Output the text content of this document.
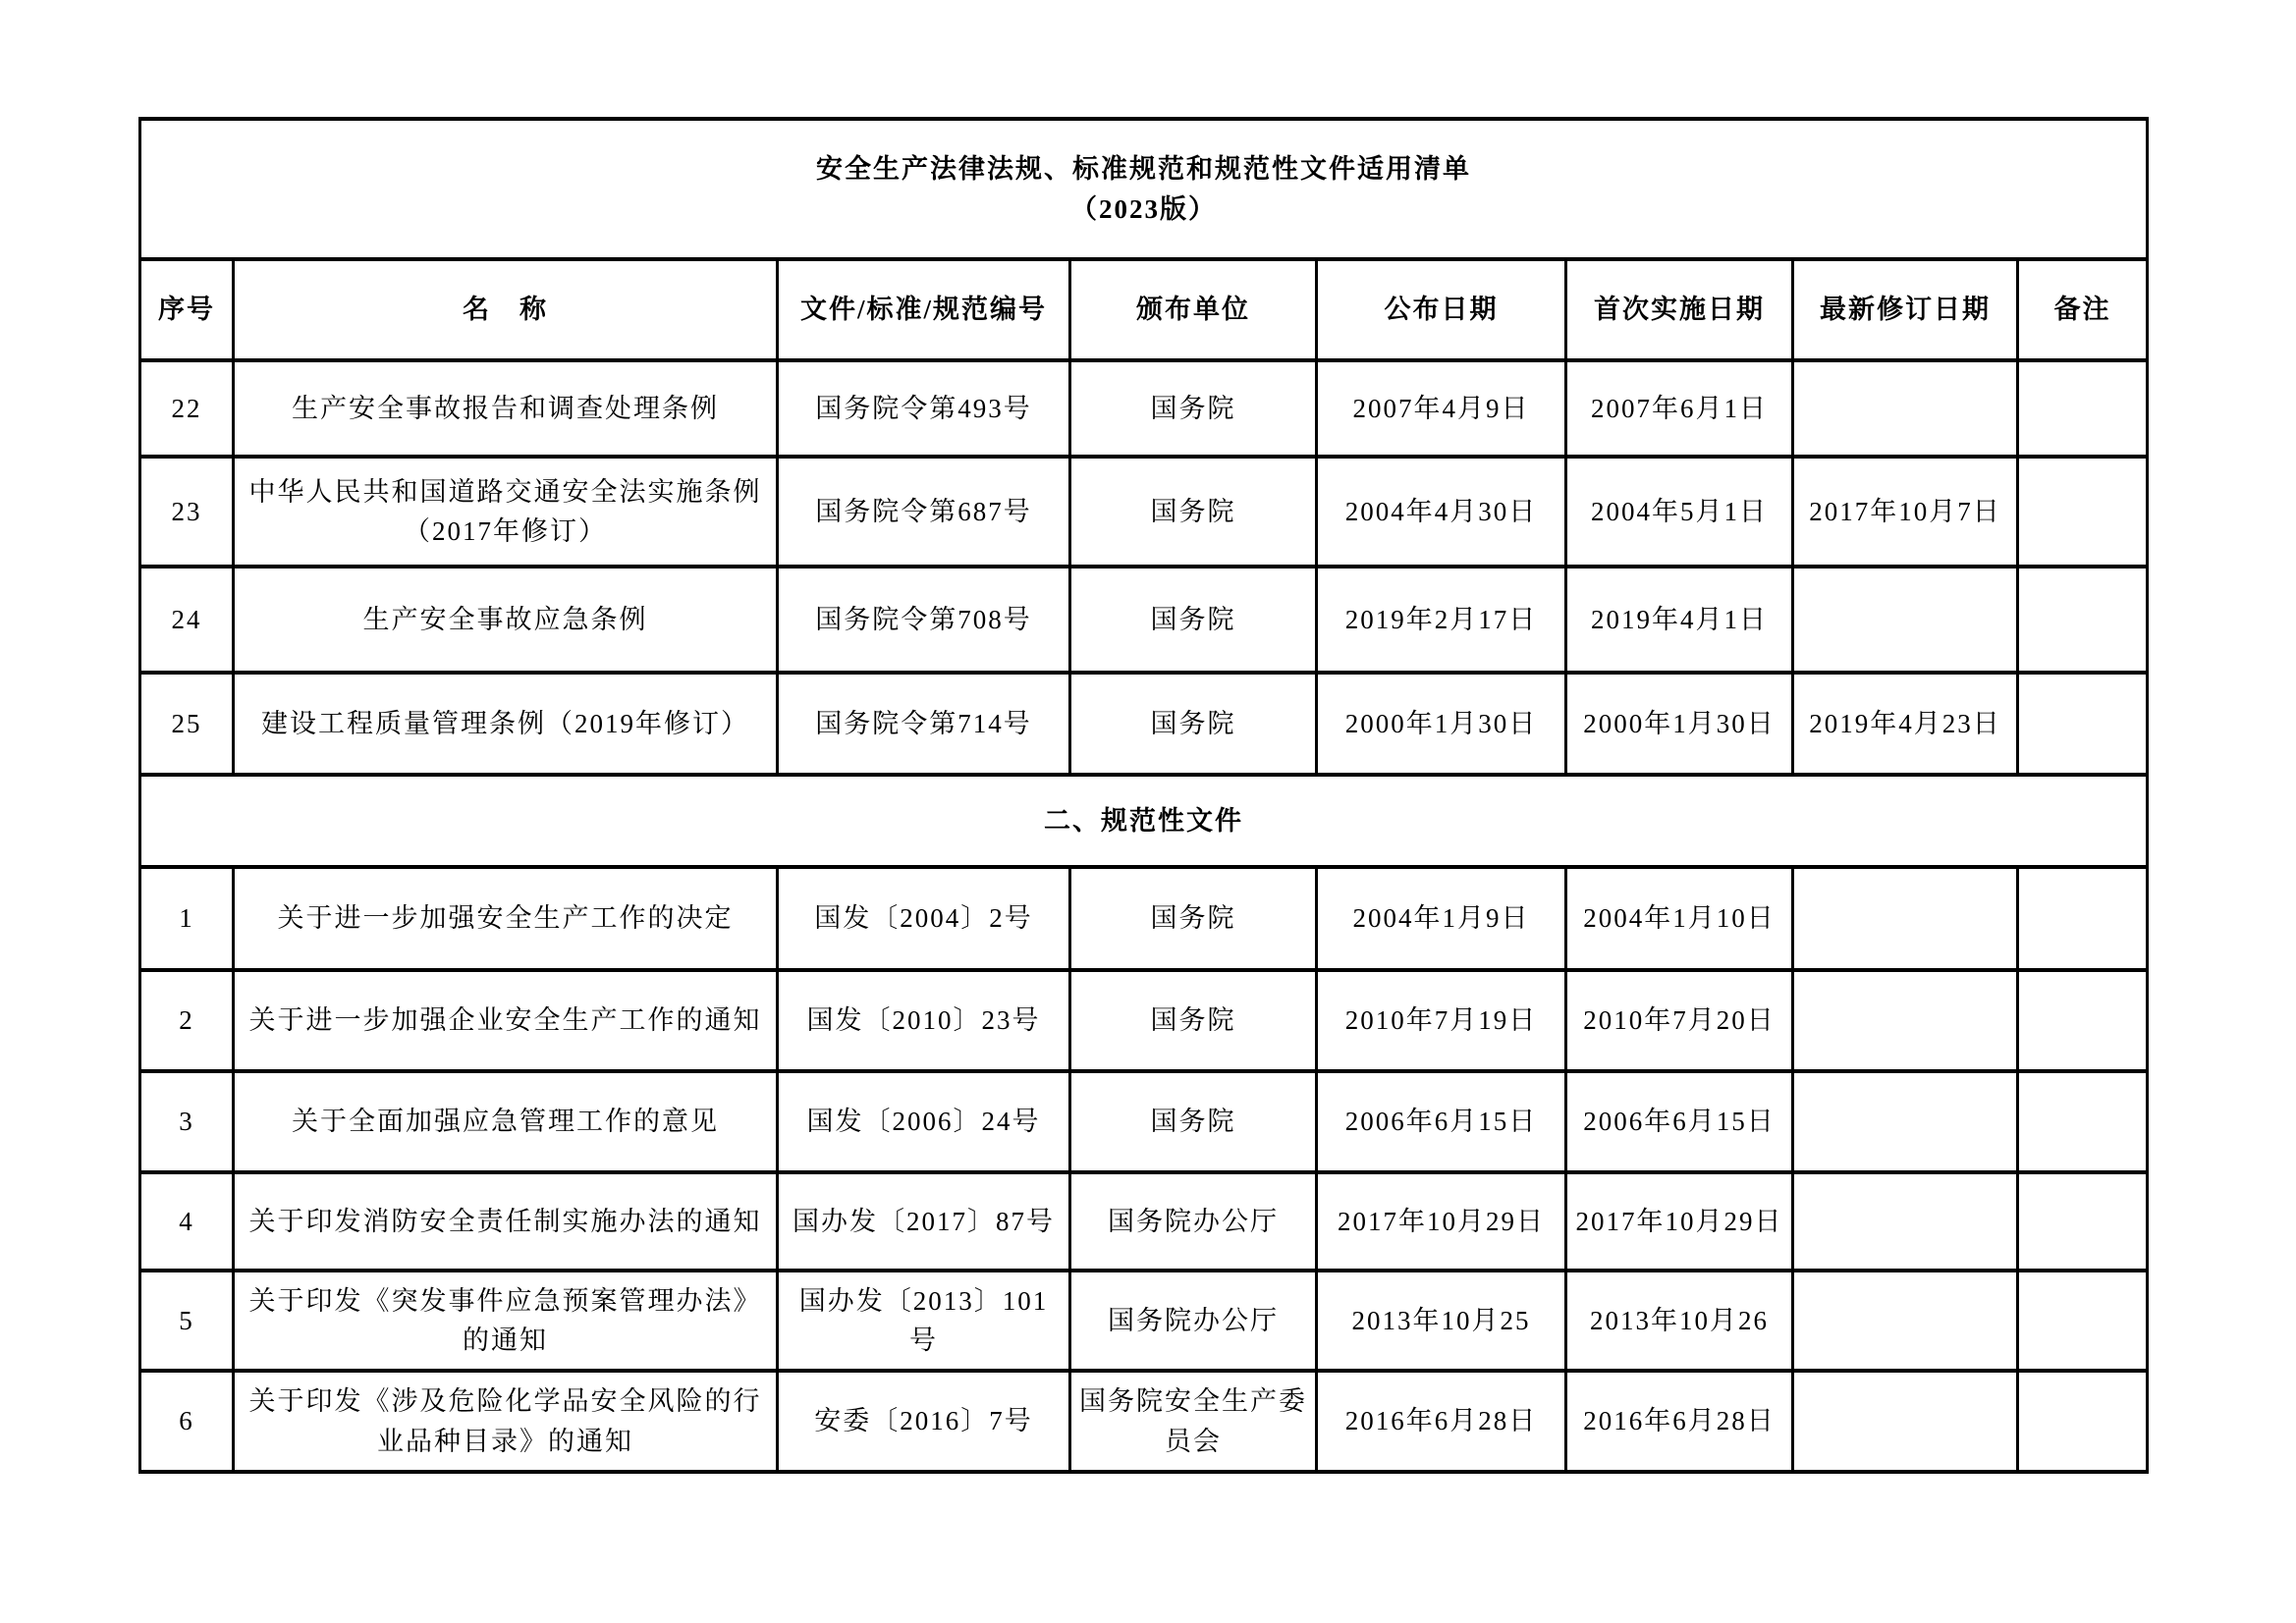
安全生产法律法规、标准规范和规范性文件适用清单
（2023版）							

序号	名　称	文件/标准/规范编号	颁布单位	公布日期	首次实施日期	最新修订日期	备注
22	生产安全事故报告和调查处理条例	国务院令第493号	国务院	2007年4月9日	2007年6月1日		
23	中华人民共和国道路交通安全法实施条例（2017年修订）	国务院令第687号	国务院	2004年4月30日	2004年5月1日	2017年10月7日	
24	生产安全事故应急条例	国务院令第708号	国务院	2019年2月17日	2019年4月1日		
25	建设工程质量管理条例（2019年修订）	国务院令第714号	国务院	2000年1月30日	2000年1月30日	2019年4月23日	
二、规范性文件							
1	关于进一步加强安全生产工作的决定	国发〔2004〕2号	国务院	2004年1月9日	2004年1月10日		
2	关于进一步加强企业安全生产工作的通知	国发〔2010〕23号	国务院	2010年7月19日	2010年7月20日		
3	关于全面加强应急管理工作的意见	国发〔2006〕24号	国务院	2006年6月15日	2006年6月15日		
4	关于印发消防安全责任制实施办法的通知	国办发〔2017〕87号	国务院办公厅	2017年10月29日	2017年10月29日		
5	关于印发《突发事件应急预案管理办法》的通知	国办发〔2013〕101号	国务院办公厅	2013年10月25	2013年10月26		
6	关于印发《涉及危险化学品安全风险的行业品种目录》的通知	安委〔2016〕7号	国务院安全生产委员会	2016年6月28日	2016年6月28日		
